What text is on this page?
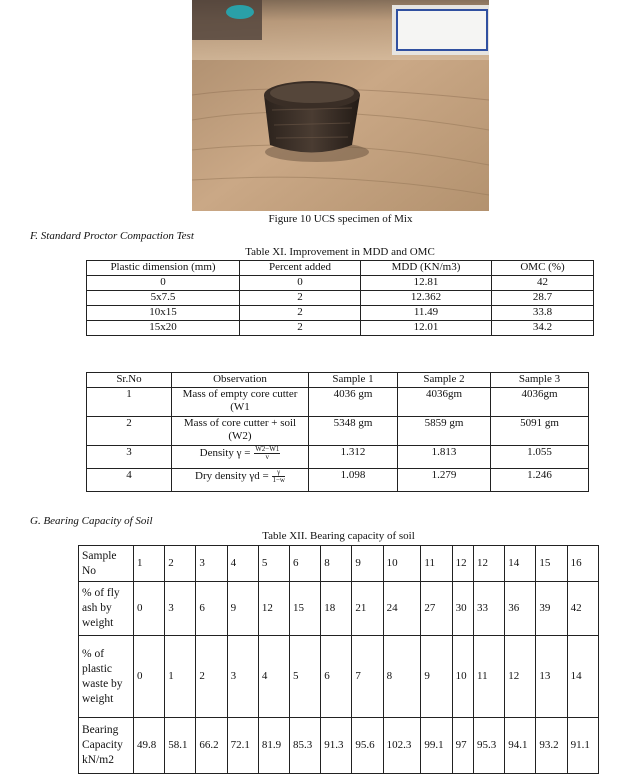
Figure 10 UCS specimen of Mix
F. Standard Proctor Compaction Test
Table XI. Improvement in MDD and OMC
Plastic dimension (mm)	Percent added	MDD (KN/m3)	OMC (%)
0	0	12.81	42
5x7.5	2	12.362	28.7
10x15	2	11.49	33.8
15x20	2	12.01	34.2
Sr.No	Observation	Sample 1	Sample 2	Sample 3
1	Mass of empty core cutter (W1	4036 gm	4036gm	4036gm
2	Mass of core cutter + soil (W2)	5348 gm	5859 gm	5091 gm
3	Density $\gamma = \frac{W2-W1}{v}$	1.312	1.813	1.055
4	Dry density $\gamma d = \frac{\gamma}{1-w}$	1.098	1.279	1.246
G. Bearing Capacity of Soil
Table XII. Bearing capacity of soil
Sample No	1	2	3	4	5	6	8	9	10	11	12	12	14	15	16
% of fly ash by weight	0	3	6	9	12	15	18	21	24	27	30	33	36	39	42
% of plastic waste by weight	0	1	2	3	4	5	6	7	8	9	10	11	12	13	14
Bearing Capacity kN/m2	49.8	58.1	66.2	72.1	81.9	85.3	91.3	95.6	102.3	99.1	97	95.3	94.1	93.2	91.1
